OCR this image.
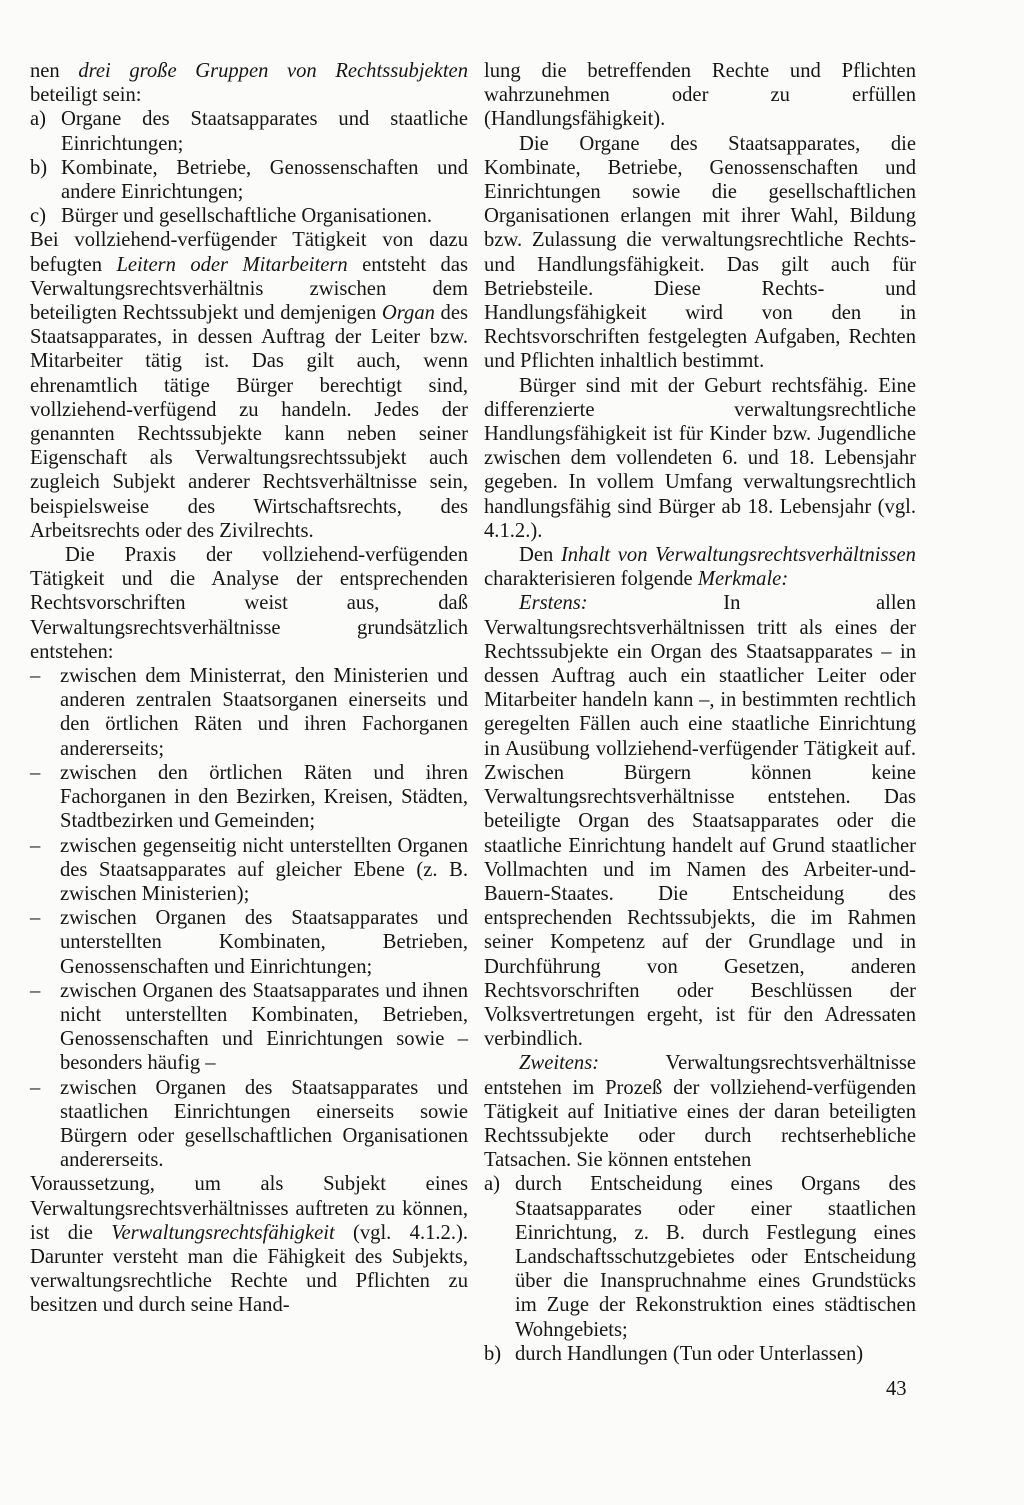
nen drei große Gruppen von Rechtssubjekten beteiligt sein:

a) Organe des Staatsapparates und staatliche Einrichtungen;
b) Kombinate, Betriebe, Genossenschaften und andere Einrichtungen;
c) Bürger und gesellschaftliche Organisationen.

Bei vollziehend-verfügender Tätigkeit von dazu befugten Leitern oder Mitarbeitern entsteht das Verwaltungsrechtsverhältnis zwischen dem beteiligten Rechtssubjekt und demjenigen Organ des Staatsapparates, in dessen Auftrag der Leiter bzw. Mitarbeiter tätig ist. Das gilt auch, wenn ehrenamtlich tätige Bürger berechtigt sind, vollziehend-verfügend zu handeln. Jedes der genannten Rechtssubjekte kann neben seiner Eigenschaft als Verwaltungsrechtssubjekt auch zugleich Subjekt anderer Rechtsverhältnisse sein, beispielsweise des Wirtschaftsrechts, des Arbeitsrechts oder des Zivilrechts.

Die Praxis der vollziehend-verfügenden Tätigkeit und die Analyse der entsprechenden Rechtsvorschriften weist aus, daß Verwaltungsrechtsverhältnisse grundsätzlich entstehen:

– zwischen dem Ministerrat, den Ministerien und anderen zentralen Staatsorganen einerseits und den örtlichen Räten und ihren Fachorganen andererseits;
– zwischen den örtlichen Räten und ihren Fachorganen in den Bezirken, Kreisen, Städten, Stadtbezirken und Gemeinden;
– zwischen gegenseitig nicht unterstellten Organen des Staatsapparates auf gleicher Ebene (z. B. zwischen Ministerien);
– zwischen Organen des Staatsapparates und unterstellten Kombinaten, Betrieben, Genossenschaften und Einrichtungen;
– zwischen Organen des Staatsapparates und ihnen nicht unterstellten Kombinaten, Betrieben, Genossenschaften und Einrichtungen sowie – besonders häufig –
– zwischen Organen des Staatsapparates und staatlichen Einrichtungen einerseits sowie Bürgern oder gesellschaftlichen Organisationen andererseits.

Voraussetzung, um als Subjekt eines Verwaltungsrechtsverhältnisses auftreten zu können, ist die Verwaltungsrechtsfähigkeit (vgl. 4.1.2.). Darunter versteht man die Fähigkeit des Subjekts, verwaltungsrechtliche Rechte und Pflichten zu besitzen und durch seine Hand-

lung die betreffenden Rechte und Pflichten wahrzunehmen oder zu erfüllen (Handlungsfähigkeit).

Die Organe des Staatsapparates, die Kombinate, Betriebe, Genossenschaften und Einrichtungen sowie die gesellschaftlichen Organisationen erlangen mit ihrer Wahl, Bildung bzw. Zulassung die verwaltungsrechtliche Rechts- und Handlungsfähigkeit. Das gilt auch für Betriebsteile. Diese Rechts- und Handlungsfähigkeit wird von den in Rechtsvorschriften festgelegten Aufgaben, Rechten und Pflichten inhaltlich bestimmt.

Bürger sind mit der Geburt rechtsfähig. Eine differenzierte verwaltungsrechtliche Handlungsfähigkeit ist für Kinder bzw. Jugendliche zwischen dem vollendeten 6. und 18. Lebensjahr gegeben. In vollem Umfang verwaltungsrechtlich handlungsfähig sind Bürger ab 18. Lebensjahr (vgl. 4.1.2.).

Den Inhalt von Verwaltungsrechtsverhältnissen charakterisieren folgende Merkmale:

Erstens: In allen Verwaltungsrechtsverhältnissen tritt als eines der Rechtssubjekte ein Organ des Staatsapparates – in dessen Auftrag auch ein staatlicher Leiter oder Mitarbeiter handeln kann –, in bestimmten rechtlich geregelten Fällen auch eine staatliche Einrichtung in Ausübung vollziehend-verfügender Tätigkeit auf. Zwischen Bürgern können keine Verwaltungsrechtsverhältnisse entstehen. Das beteiligte Organ des Staatsapparates oder die staatliche Einrichtung handelt auf Grund staatlicher Vollmachten und im Namen des Arbeiter-und-Bauern-Staates. Die Entscheidung des entsprechenden Rechtssubjekts, die im Rahmen seiner Kompetenz auf der Grundlage und in Durchführung von Gesetzen, anderen Rechtsvorschriften oder Beschlüssen der Volksvertretungen ergeht, ist für den Adressaten verbindlich.

Zweitens: Verwaltungsrechtsverhältnisse entstehen im Prozeß der vollziehend-verfügenden Tätigkeit auf Initiative eines der daran beteiligten Rechtssubjekte oder durch rechtserhebliche Tatsachen. Sie können entstehen

a) durch Entscheidung eines Organs des Staatsapparates oder einer staatlichen Einrichtung, z. B. durch Festlegung eines Landschaftsschutzgebietes oder Entscheidung über die Inanspruchnahme eines Grundstücks im Zuge der Rekonstruktion eines städtischen Wohngebiets;
b) durch Handlungen (Tun oder Unterlassen)
43
